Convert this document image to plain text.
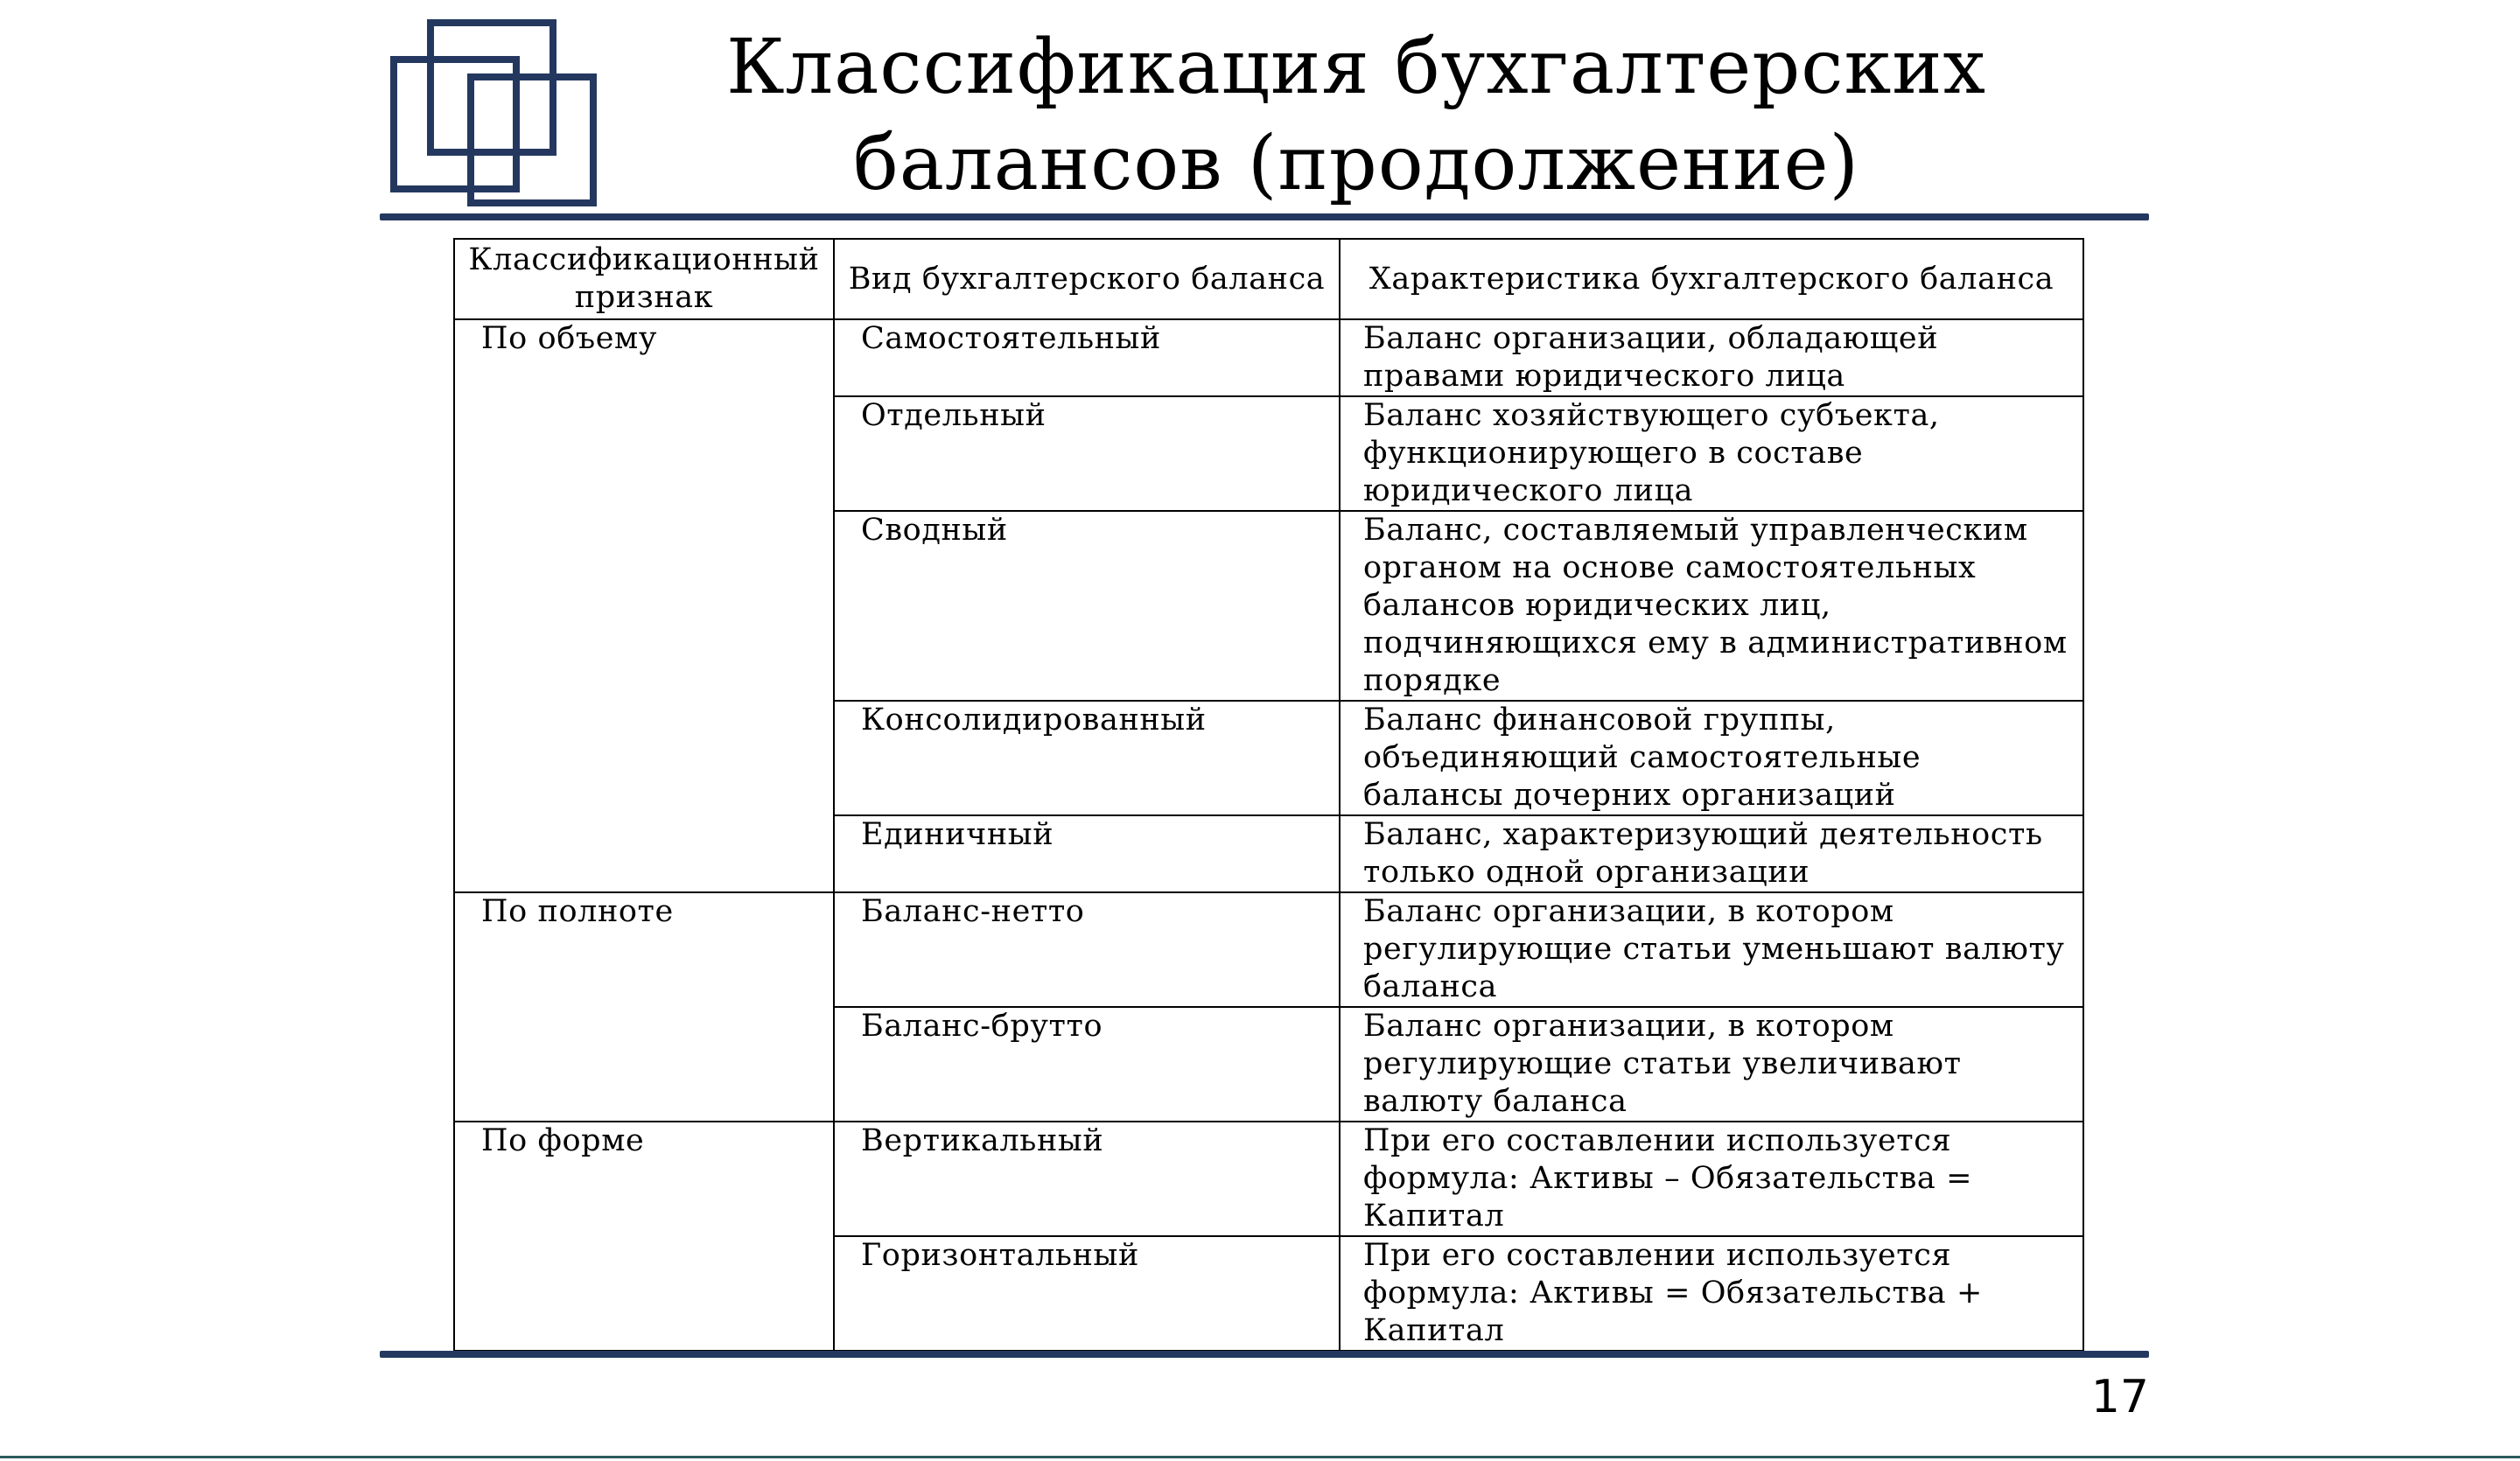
Классификация бухгалтерских балансов (продолжение)
Классификационный признак	Вид бухгалтерского баланса	Характеристика бухгалтерского баланса
По объему	Самостоятельный	Баланс организации, обладающей правами юридического лица
	Отдельный	Баланс хозяйствующего субъекта, функционирующего в составе юридического лица
	Сводный	Баланс, составляемый управленческим органом на основе самостоятельных балансов юридических лиц, подчиняющихся ему в административном порядке
	Консолидированный	Баланс финансовой группы, объединяющий самостоятельные балансы дочерних организаций
	Единичный	Баланс, характеризующий деятельность только одной организации
По полноте	Баланс-нетто	Баланс организации, в котором регулирующие статьи уменьшают валюту баланса
	Баланс-брутто	Баланс организации, в котором регулирующие статьи увеличивают валюту баланса
По форме	Вертикальный	При его составлении используется формула: Активы – Обязательства = Капитал
	Горизонтальный	При его составлении используется формула: Активы = Обязательства + Капитал
17
